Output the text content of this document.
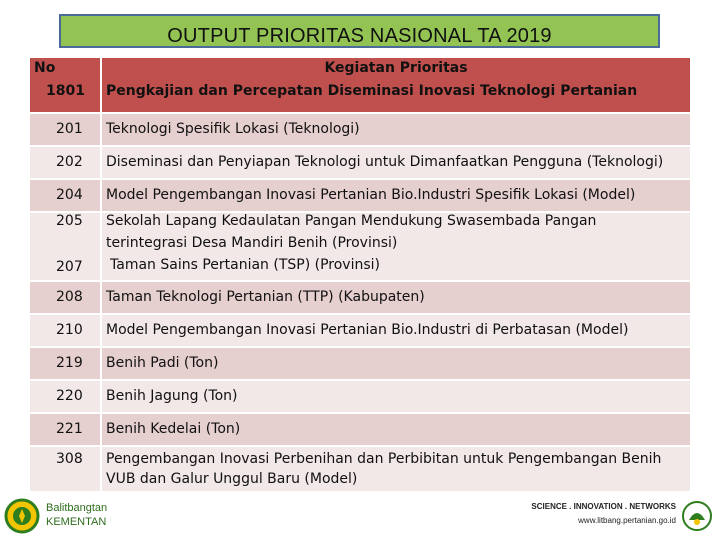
OUTPUT PRIORITAS NASIONAL TA 2019
No
1801
Kegiatan Prioritas
Pengkajian dan Percepatan Diseminasi Inovasi Teknologi Pertanian
201 Teknologi Spesifik Lokasi (Teknologi)
202 Diseminasi dan Penyiapan Teknologi untuk Dimanfaatkan Pengguna (Teknologi)
204 Model Pengembangan Inovasi Pertanian Bio.Industri Spesifik Lokasi (Model)
205
207
Sekolah Lapang Kedaulatan Pangan Mendukung Swasembada Pangan
terintegrasi Desa Mandiri Benih (Provinsi)
Taman Sains Pertanian (TSP) (Provinsi)
208 Taman Teknologi Pertanian (TTP) (Kabupaten)
210 Model Pengembangan Inovasi Pertanian Bio.Industri di Perbatasan (Model)
219 Benih Padi (Ton)
220 Benih Jagung (Ton)
221 Benih Kedelai (Ton)
308 Pengembangan Inovasi Perbenihan dan Perbibitan untuk Pengembangan Benih
VUB dan Galur Unggul Baru (Model)
Balitbangtan
KEMENTAN
SCIENCE . INNOVATION . NETWORKS
www.litbang.pertanian.go.id
